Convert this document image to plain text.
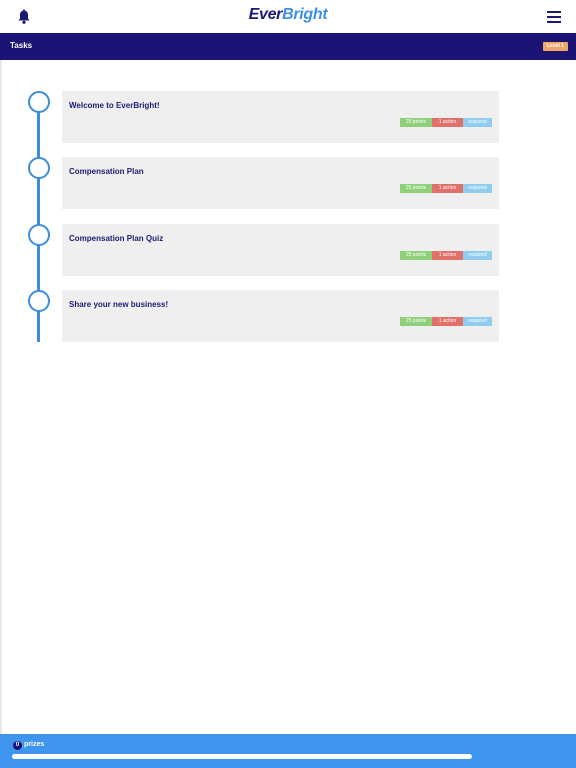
EverBright
Tasks	Level 1
Welcome to EverBright!
25 points	1 action	required
Compensation Plan
25 points	1 action	required
Compensation Plan Quiz
25 points	1 action	required
Share your new business!
25 points	1 action	required
0 prizes
